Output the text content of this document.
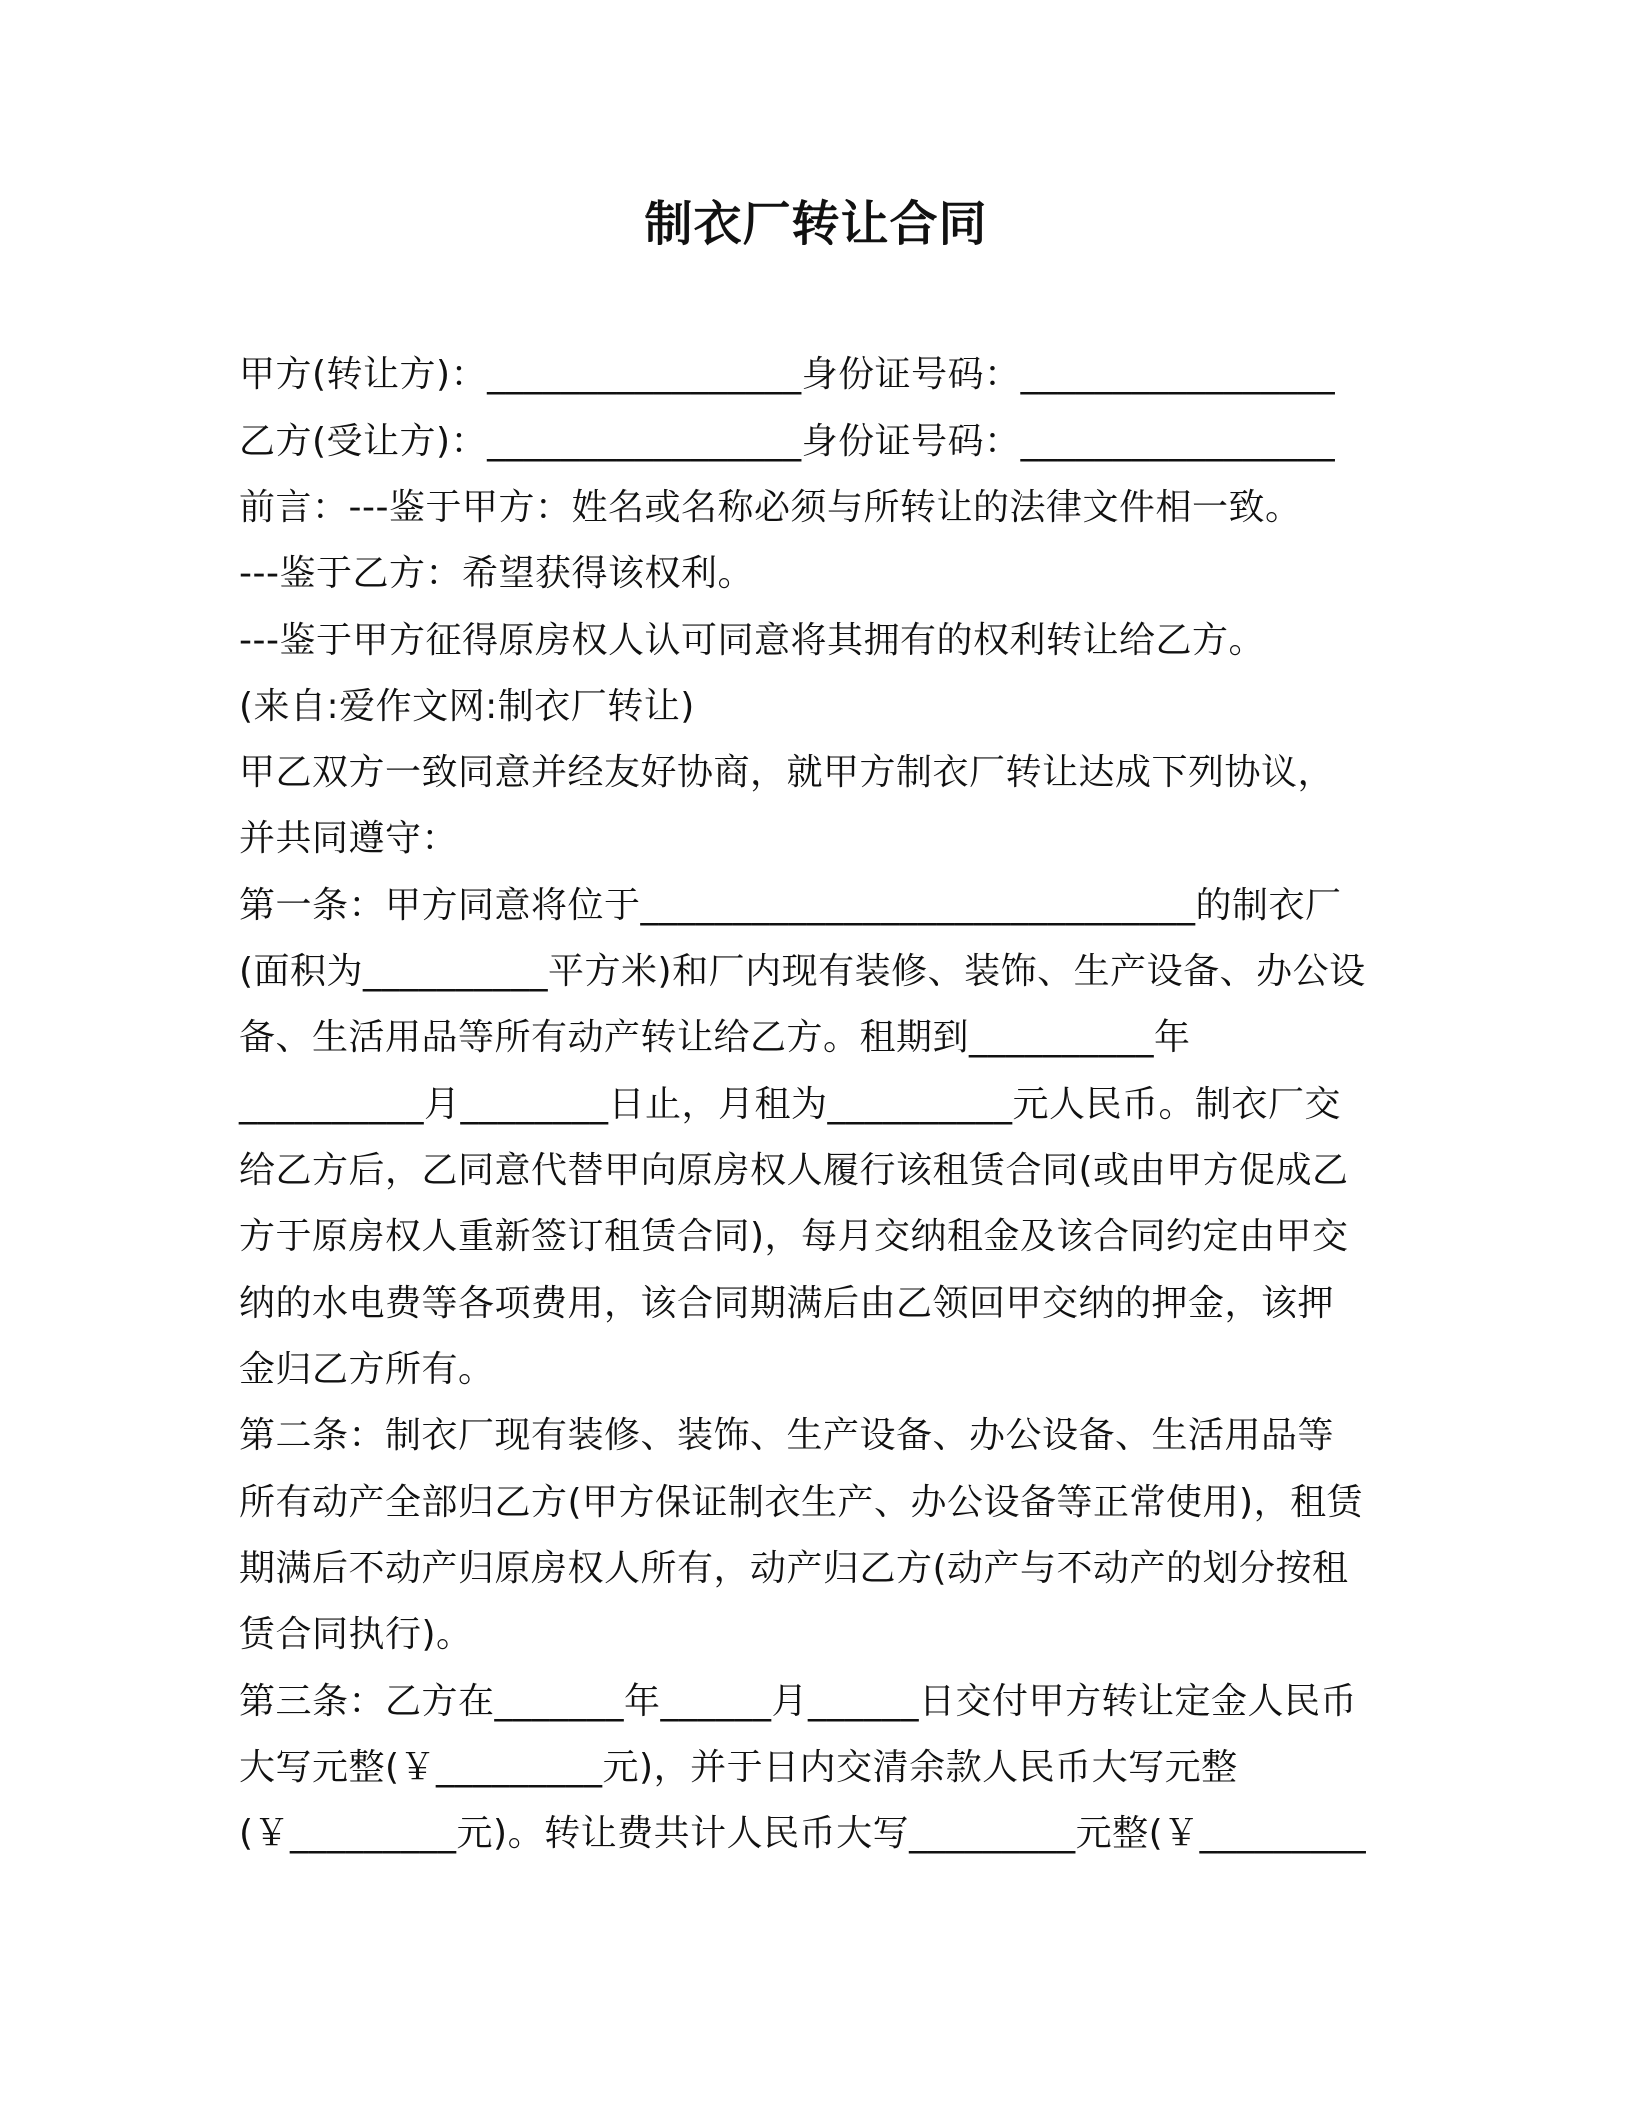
制衣厂转让合同
甲方(转让方)：_________________身份证号码：_________________
乙方(受让方)：_________________身份证号码：_________________
前言：---鉴于甲方：姓名或名称必须与所转让的法律文件相一致。
---鉴于乙方：希望获得该权利。
---鉴于甲方征得原房权人认可同意将其拥有的权利转让给乙方。
(来自:爱作文网:制衣厂转让)
甲乙双方一致同意并经友好协商，就甲方制衣厂转让达成下列协议，
并共同遵守：
第一条：甲方同意将位于______________________________的制衣厂
(面积为__________平方米)和厂内现有装修、装饰、生产设备、办公设
备、生活用品等所有动产转让给乙方。租期到__________年
__________月________日止，月租为__________元人民币。制衣厂交
给乙方后，乙同意代替甲向原房权人履行该租赁合同(或由甲方促成乙
方于原房权人重新签订租赁合同)，每月交纳租金及该合同约定由甲交
纳的水电费等各项费用，该合同期满后由乙领回甲交纳的押金，该押
金归乙方所有。
第二条：制衣厂现有装修、装饰、生产设备、办公设备、生活用品等
所有动产全部归乙方(甲方保证制衣生产、办公设备等正常使用)，租赁
期满后不动产归原房权人所有，动产归乙方(动产与不动产的划分按租
赁合同执行)。
第三条：乙方在_______年______月______日交付甲方转让定金人民币
大写元整(￥_________元)，并于日内交清余款人民币大写元整
(￥_________元)。转让费共计人民币大写_________元整(￥_________
